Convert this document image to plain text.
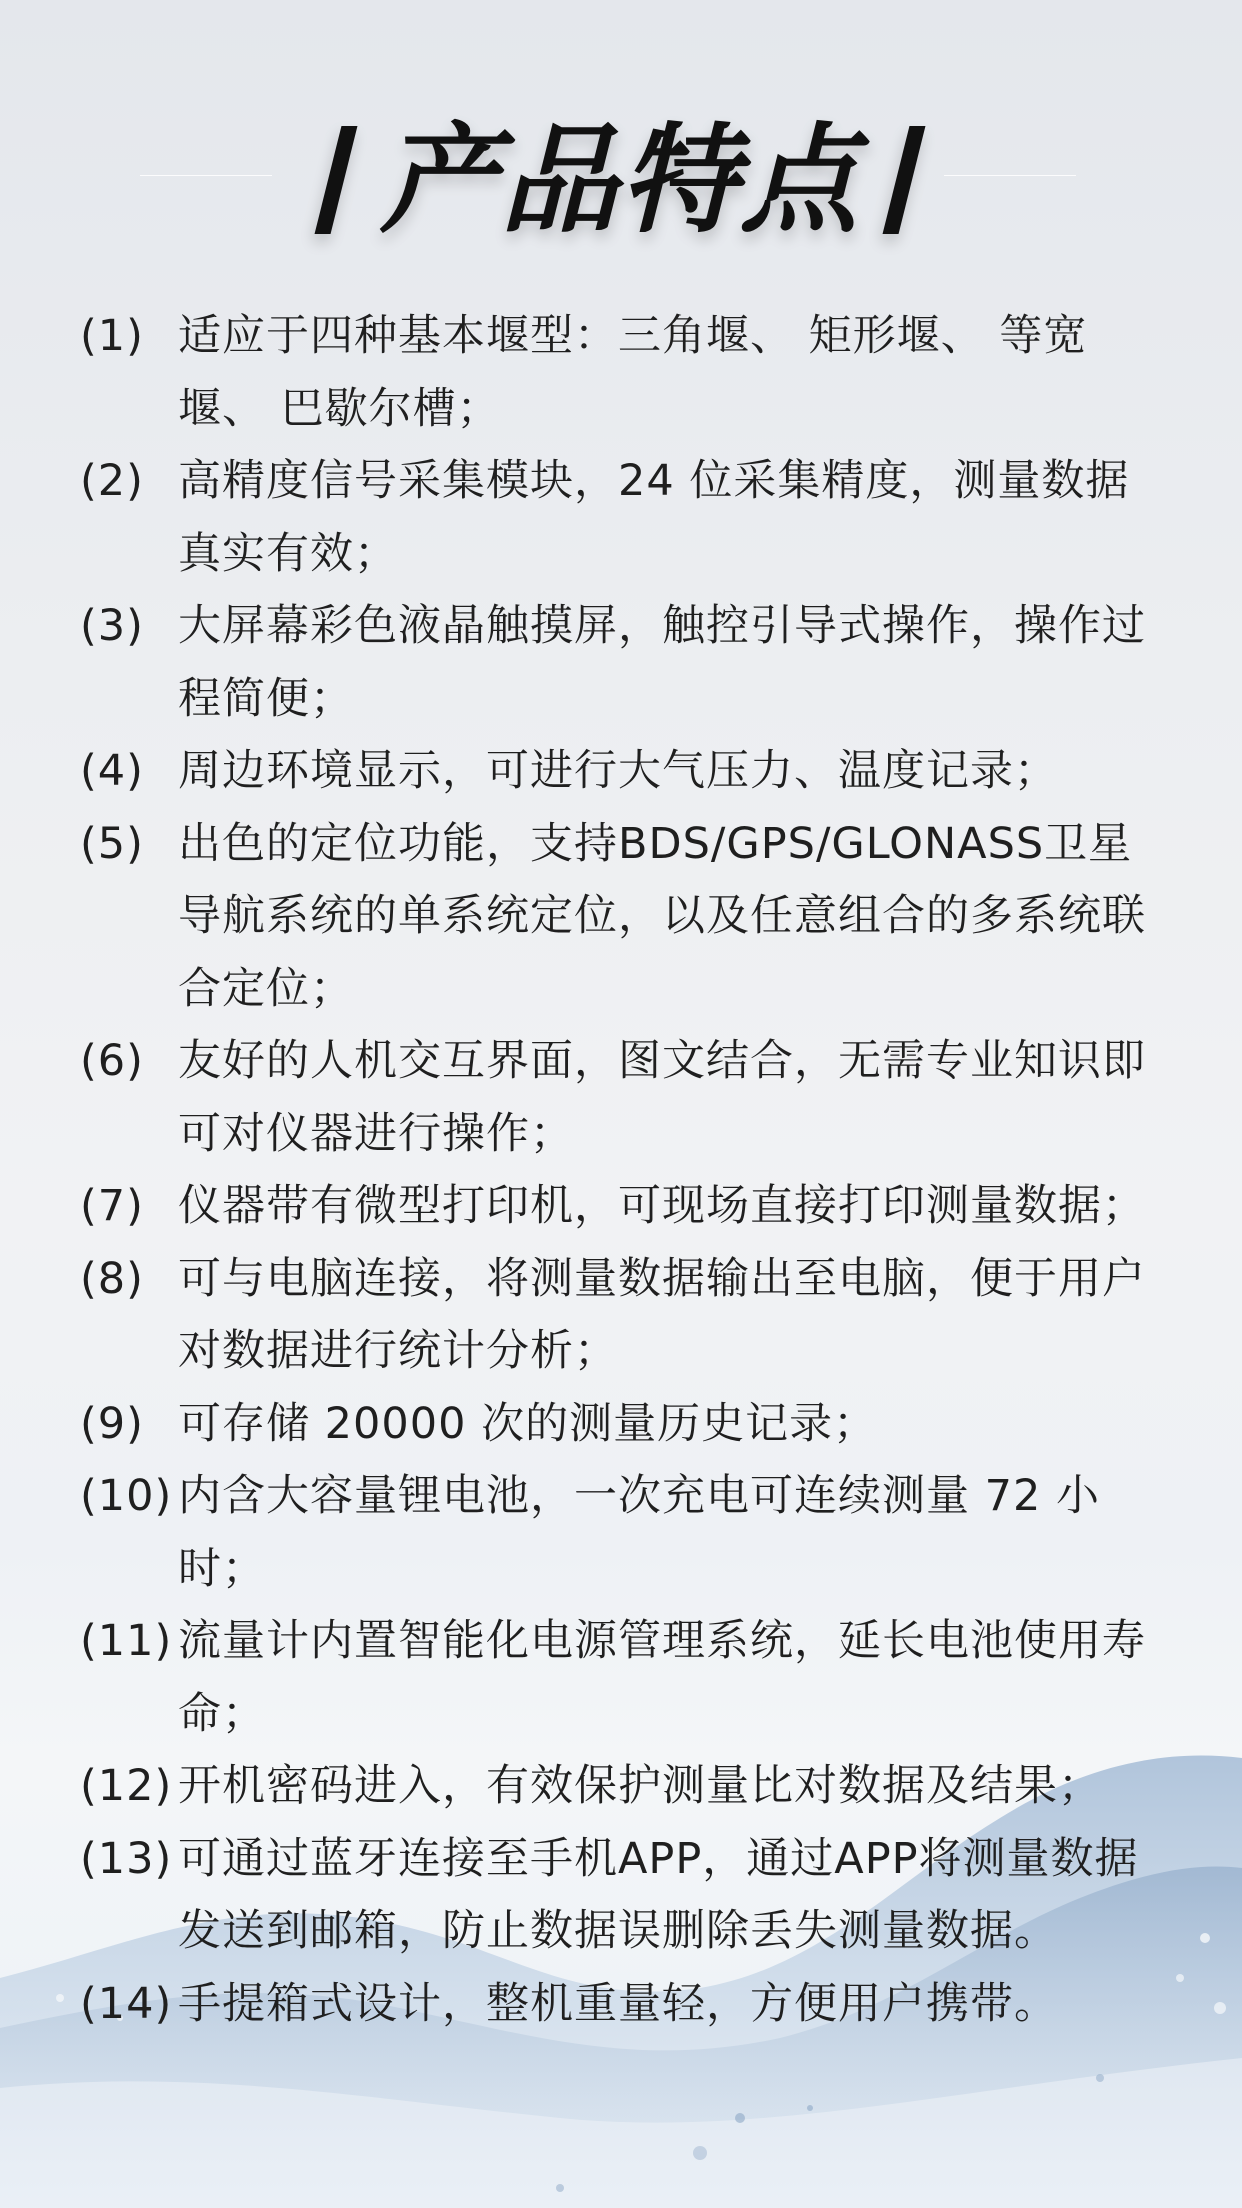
产品特点
(1) 适应于四种基本堰型：三角堰、 矩形堰、 等宽堰、 巴歇尔槽；
(2) 高精度信号采集模块，24 位采集精度，测量数据真实有效；
(3) 大屏幕彩色液晶触摸屏，触控引导式操作，操作过程简便；
(4) 周边环境显示，可进行大气压力、温度记录；
(5) 出色的定位功能，支持BDS/GPS/GLONASS卫星导航系统的单系统定位，以及任意组合的多系统联合定位；
(6) 友好的人机交互界面，图文结合，无需专业知识即可对仪器进行操作；
(7) 仪器带有微型打印机，可现场直接打印测量数据；
(8) 可与电脑连接，将测量数据输出至电脑，便于用户对数据进行统计分析；
(9) 可存储 20000 次的测量历史记录；
(10) 内含大容量锂电池，一次充电可连续测量 72 小时；
(11) 流量计内置智能化电源管理系统，延长电池使用寿命；
(12) 开机密码进入，有效保护测量比对数据及结果；
(13) 可通过蓝牙连接至手机APP，通过APP将测量数据发送到邮箱，防止数据误删除丢失测量数据。
(14) 手提箱式设计，整机重量轻，方便用户携带。
